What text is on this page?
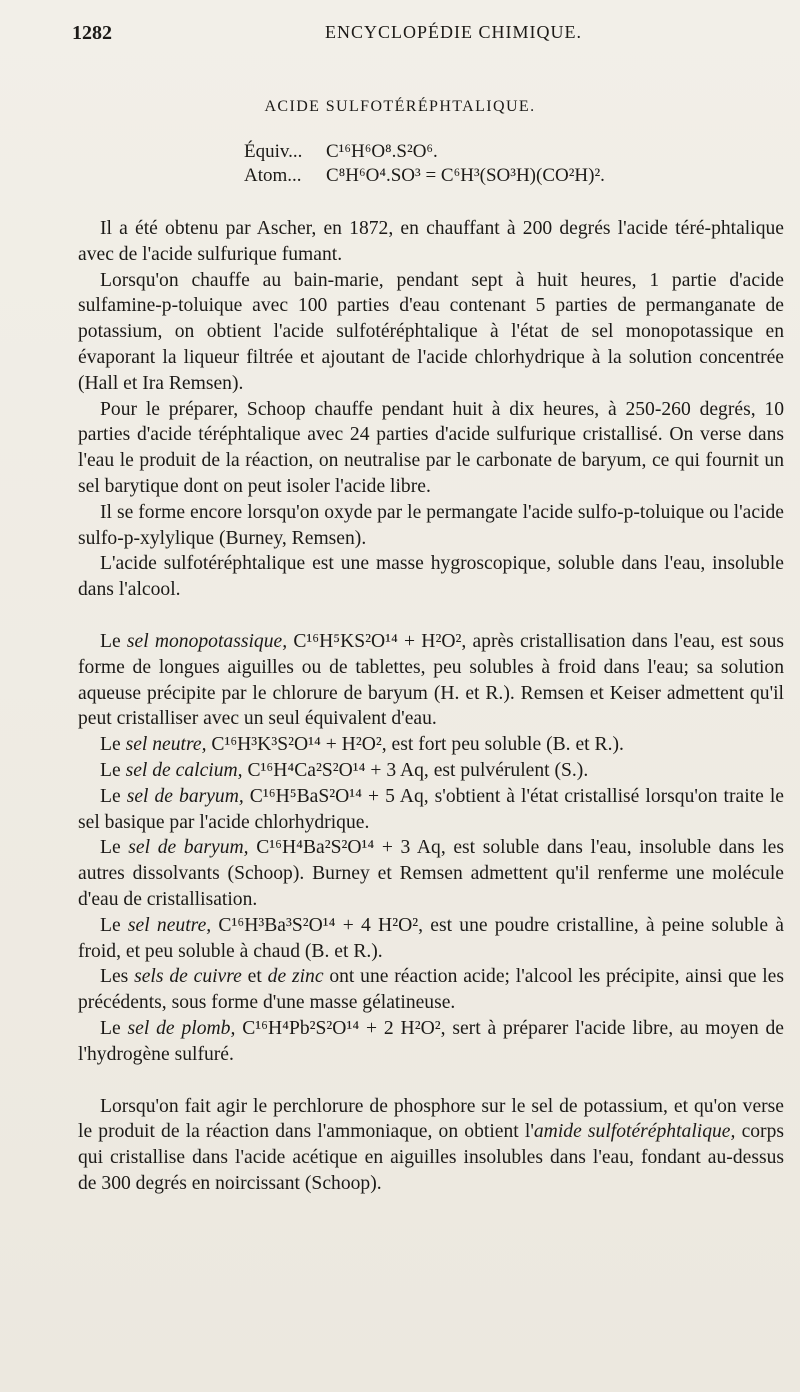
1282	ENCYCLOPÉDIE CHIMIQUE.
ACIDE SULFOTÉRÉPHTALIQUE.
Équiv... C¹⁶H⁶O⁸.S²O⁶.
Atom... C⁸H⁶O⁴.SO³ = C⁶H³(SO³H)(CO²H)².

Il a été obtenu par Ascher, en 1872, en chauffant à 200 degrés l'acide téré-phtalique avec de l'acide sulfurique fumant.

Lorsqu'on chauffe au bain-marie, pendant sept à huit heures, 1 partie d'acide sulfamine-p-toluique avec 100 parties d'eau contenant 5 parties de permanganate de potassium, on obtient l'acide sulfotéréphtalique à l'état de sel monopotassique en évaporant la liqueur filtrée et ajoutant de l'acide chlorhydrique à la solution concentrée (Hall et Ira Remsen).

Pour le préparer, Schoop chauffe pendant huit à dix heures, à 250-260 degrés, 10 parties d'acide téréphtalique avec 24 parties d'acide sulfurique cristallisé. On verse dans l'eau le produit de la réaction, on neutralise par le carbonate de baryum, ce qui fournit un sel barytique dont on peut isoler l'acide libre.

Il se forme encore lorsqu'on oxyde par le permangate l'acide sulfo-p-toluique ou l'acide sulfo-p-xylylique (Burney, Remsen).

L'acide sulfotéréphtalique est une masse hygroscopique, soluble dans l'eau, insoluble dans l'alcool.

Le sel monopotassique, C¹⁶H⁵KS²O¹⁴ + H²O², après cristallisation dans l'eau, est sous forme de longues aiguilles ou de tablettes, peu solubles à froid dans l'eau; sa solution aqueuse précipite par le chlorure de baryum (H. et R.). Remsen et Keiser admettent qu'il peut cristalliser avec un seul équivalent d'eau.

Le sel neutre, C¹⁶H³K³S²O¹⁴ + H²O², est fort peu soluble (B. et R.).

Le sel de calcium, C¹⁶H⁴Ca²S²O¹⁴ + 3 Aq, est pulvérulent (S.).

Le sel de baryum, C¹⁶H⁵BaS²O¹⁴ + 5 Aq, s'obtient à l'état cristallisé lorsqu'on traite le sel basique par l'acide chlorhydrique.

Le sel de baryum, C¹⁶H⁴Ba²S²O¹⁴ + 3 Aq, est soluble dans l'eau, insoluble dans les autres dissolvants (Schoop). Burney et Remsen admettent qu'il renferme une molécule d'eau de cristallisation.

Le sel neutre, C¹⁶H³Ba³S²O¹⁴ + 4 H²O², est une poudre cristalline, à peine soluble à froid, et peu soluble à chaud (B. et R.).

Les sels de cuivre et de zinc ont une réaction acide; l'alcool les précipite, ainsi que les précédents, sous forme d'une masse gélatineuse.

Le sel de plomb, C¹⁶H⁴Pb²S²O¹⁴ + 2 H²O², sert à préparer l'acide libre, au moyen de l'hydrogène sulfuré.

Lorsqu'on fait agir le perchlorure de phosphore sur le sel de potassium, et qu'on verse le produit de la réaction dans l'ammoniaque, on obtient l'amide sulfotéréphtalique, corps qui cristallise dans l'acide acétique en aiguilles insolubles dans l'eau, fondant au-dessus de 300 degrés en noircissant (Schoop).
